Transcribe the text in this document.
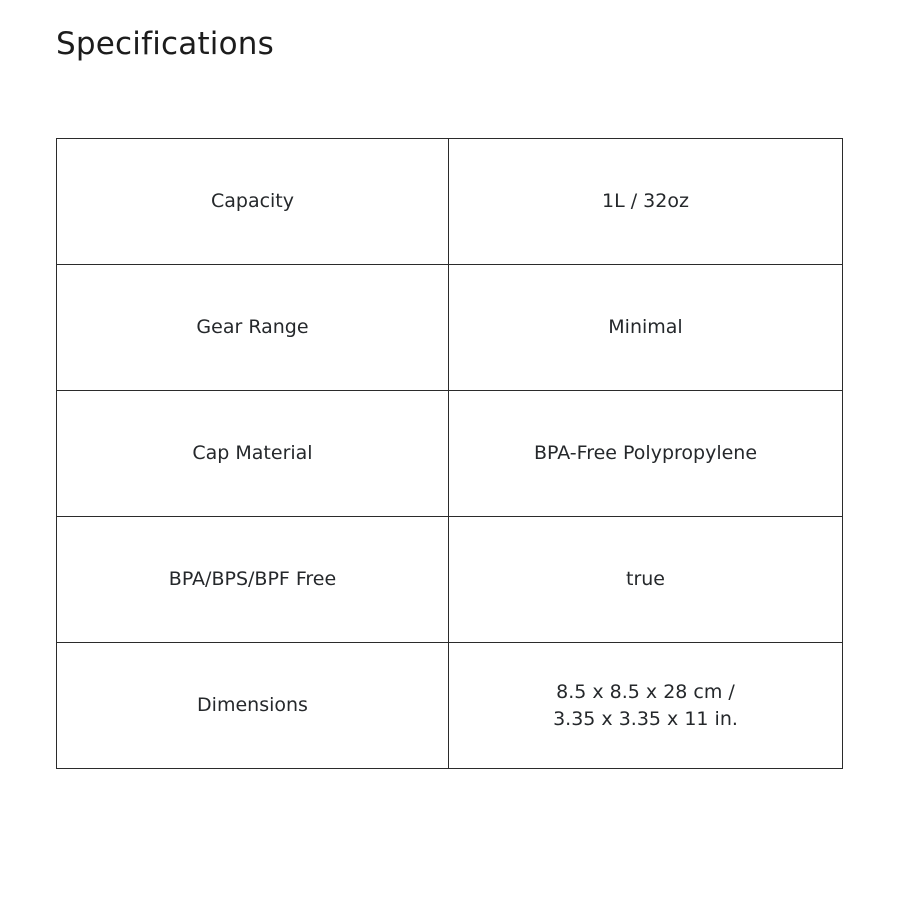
Specifications
Capacity	1L / 32oz

Gear Range	Minimal

Cap Material	BPA-Free Polypropylene

BPA/BPS/BPF Free	true

Dimensions	8.5 x 8.5 x 28 cm /
3.35 x 3.35 x 11 in.
